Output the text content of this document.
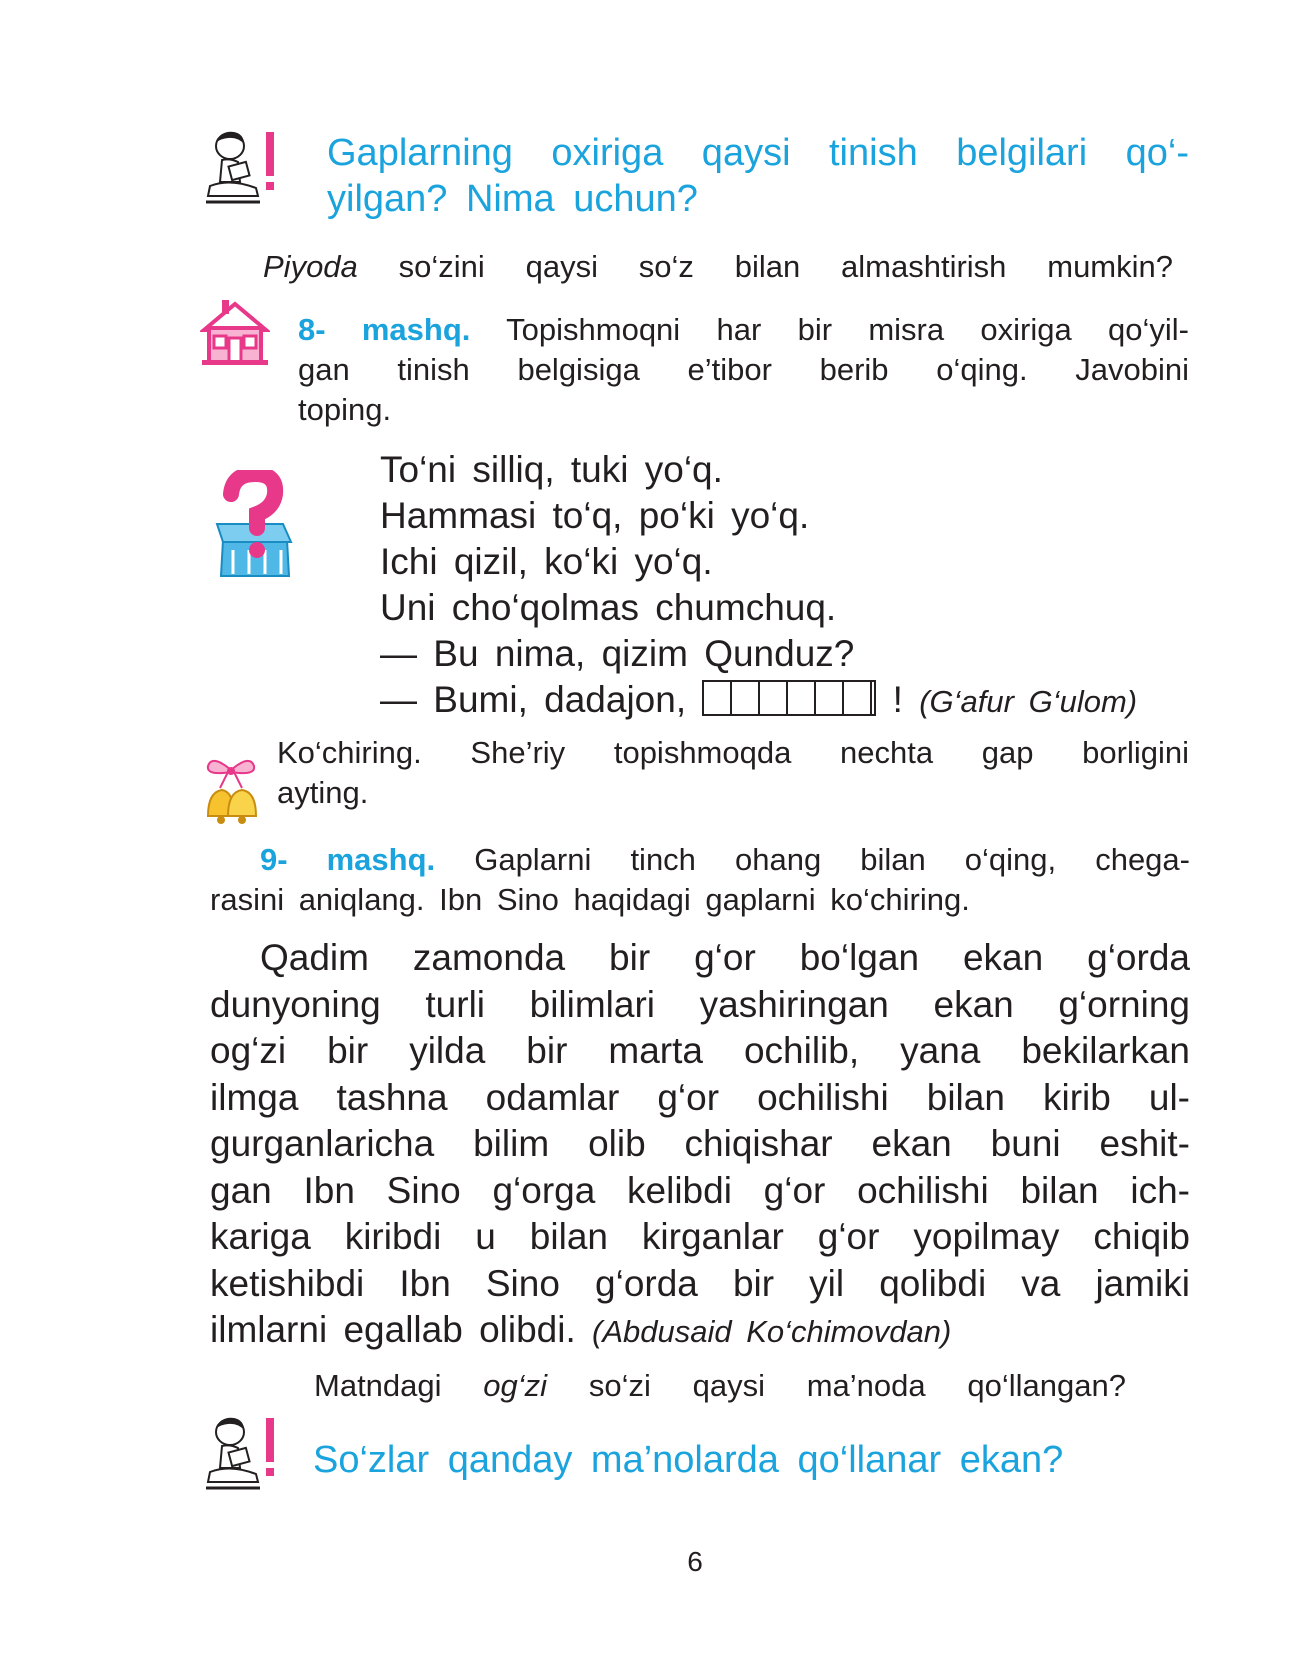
Gaplarning oxiriga qaysi tinish belgilari qo‘-
yilgan? Nima uchun?
Piyoda so‘zini qaysi so‘z bilan almashtirish mumkin?
8- mashq. Topishmoqni har bir misra oxiriga qo‘yil-
gan tinish belgisiga e’tibor berib o‘qing. Javobini
toping.
To‘ni silliq, tuki yo‘q.
Hammasi to‘q, po‘ki yo‘q.
Ichi qizil, ko‘ki yo‘q.
Uni cho‘qolmas chumchuq.
— Bu nima, qizim Qunduz?
— Bumi, dadajon,	! (G‘afur G‘ulom)
Ko‘chiring. She’riy topishmoqda nechta gap borligini
ayting.
9- mashq. Gaplarni tinch ohang bilan o‘qing, chega-
rasini aniqlang. Ibn Sino haqidagi gaplarni ko‘chiring.
Qadim zamonda bir g‘or bo‘lgan ekan g‘orda
dunyoning turli bilimlari yashiringan ekan g‘orning
og‘zi bir yilda bir marta ochilib, yana bekilarkan
ilmga tashna odamlar g‘or ochilishi bilan kirib ul-
gurganlaricha bilim olib chiqishar ekan buni eshit-
gan Ibn Sino g‘orga kelibdi g‘or ochilishi bilan ich-
kariga kiribdi u bilan kirganlar g‘or yopilmay chiqib
ketishibdi Ibn Sino g‘orda bir yil qolibdi va jamiki
ilmlarni egallab olibdi. (Abdusaid Ko‘chimovdan)
Matndagi og‘zi so‘zi qaysi ma’noda qo‘llangan?
So‘zlar qanday ma’nolarda qo‘llanar ekan?
6
